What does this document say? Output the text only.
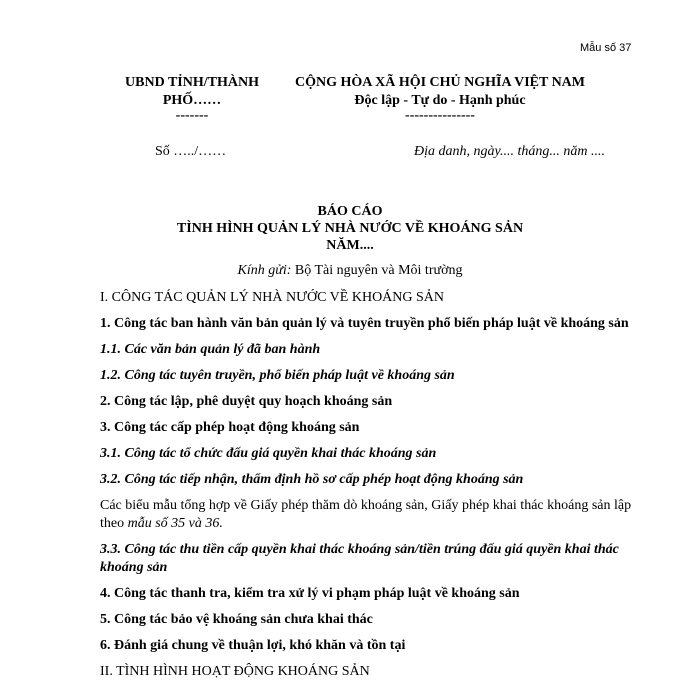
Mẫu số 37
UBND TỈNH/THÀNH
PHỐ……
-------
CỘNG HÒA XÃ HỘI CHỦ NGHĨA VIỆT NAM
Độc lập - Tự do - Hạnh phúc
---------------
Số …../……	Địa danh, ngày.... tháng... năm ....
BÁO CÁO
TÌNH HÌNH QUẢN LÝ NHÀ NƯỚC VỀ KHOÁNG SẢN
NĂM....
Kính gửi: Bộ Tài nguyên và Môi trường

I. CÔNG TÁC QUẢN LÝ NHÀ NƯỚC VỀ KHOÁNG SẢN

1. Công tác ban hành văn bản quản lý và tuyên truyền phổ biến pháp luật về khoáng sản

1.1. Các văn bản quản lý đã ban hành

1.2. Công tác tuyên truyền, phổ biến pháp luật về khoáng sản

2. Công tác lập, phê duyệt quy hoạch khoáng sản

3. Công tác cấp phép hoạt động khoáng sản

3.1. Công tác tổ chức đấu giá quyền khai thác khoáng sản

3.2. Công tác tiếp nhận, thẩm định hồ sơ cấp phép hoạt động khoáng sản

Các biểu mẫu tổng hợp về Giấy phép thăm dò khoáng sản, Giấy phép khai thác khoáng sản lập theo mẫu số 35 và 36.

3.3. Công tác thu tiền cấp quyền khai thác khoáng sản/tiền trúng đấu giá quyền khai thác khoáng sản

4. Công tác thanh tra, kiểm tra xử lý vi phạm pháp luật về khoáng sản

5. Công tác bảo vệ khoáng sản chưa khai thác

6. Đánh giá chung về thuận lợi, khó khăn và tồn tại

II. TÌNH HÌNH HOẠT ĐỘNG KHOÁNG SẢN
